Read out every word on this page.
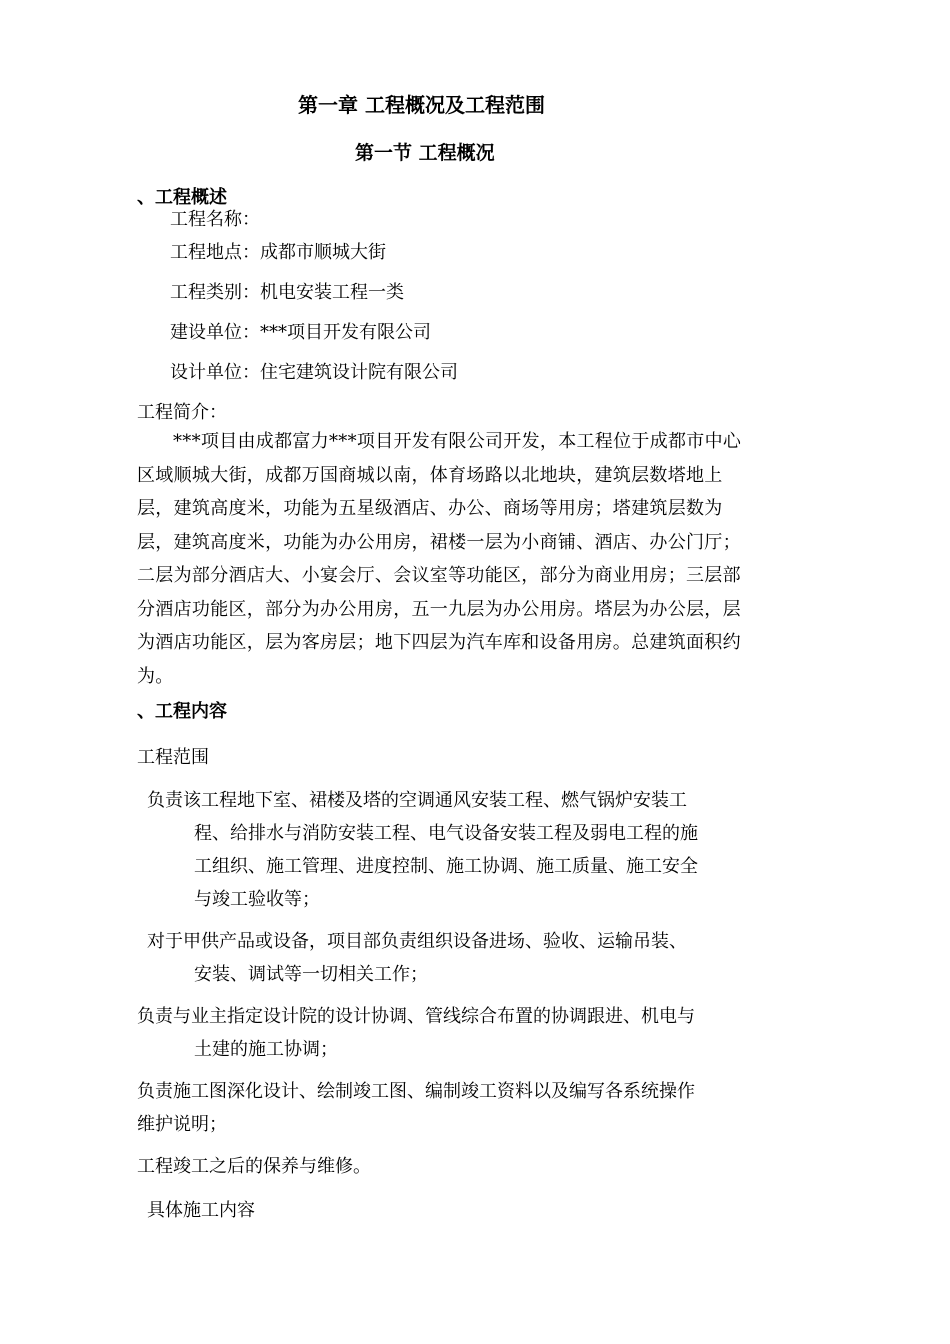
第一章 工程概况及工程范围
第一节 工程概况
、工程概述
工程名称：
工程地点：成都市顺城大街
工程类别：机电安装工程一类
建设单位：***项目开发有限公司
设计单位：住宅建筑设计院有限公司
工程简介：
***项目由成都富力***项目开发有限公司开发，本工程位于成都市中心区域顺城大街，成都万国商城以南，体育场路以北地块，建筑层数塔地上层，建筑高度米，功能为五星级酒店、办公、商场等用房；塔建筑层数为层，建筑高度米，功能为办公用房，裙楼一层为小商铺、酒店、办公门厅；二层为部分酒店大、小宴会厅、会议室等功能区，部分为商业用房；三层部分酒店功能区，部分为办公用房，五一九层为办公用房。塔层为办公层，层为酒店功能区，层为客房层；地下四层为汽车库和设备用房。总建筑面积约为。
、工程内容
工程范围
负责该工程地下室、裙楼及塔的空调通风安装工程、燃气锅炉安装工
程、给排水与消防安装工程、电气设备安装工程及弱电工程的施
工组织、施工管理、进度控制、施工协调、施工质量、施工安全
与竣工验收等；
对于甲供产品或设备，项目部负责组织设备进场、验收、运输吊装、
安装、调试等一切相关工作；
负责与业主指定设计院的设计协调、管线综合布置的协调跟进、机电与
土建的施工协调；
负责施工图深化设计、绘制竣工图、编制竣工资料以及编写各系统操作
维护说明；
工程竣工之后的保养与维修。
具体施工内容
